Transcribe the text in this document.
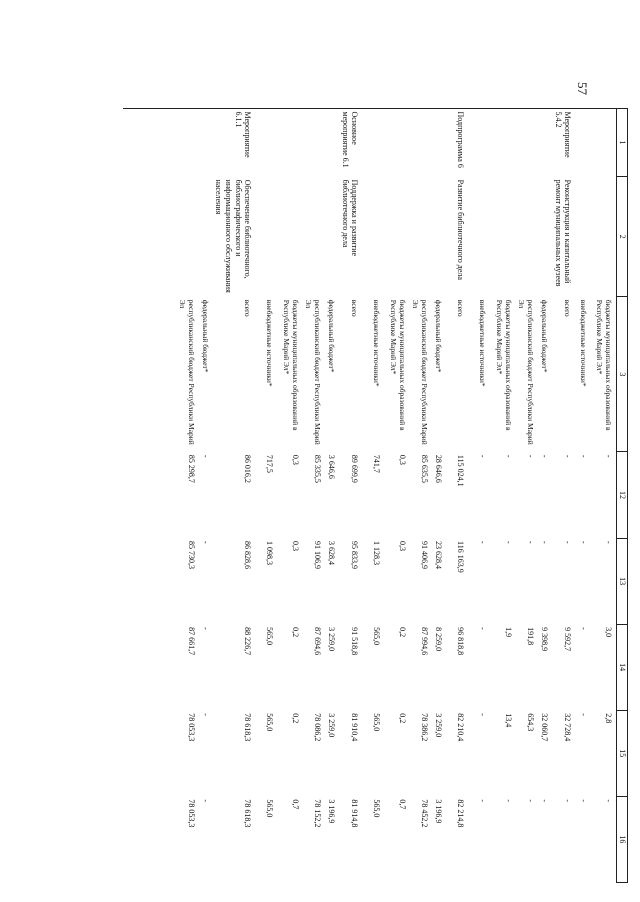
57
1	2	3	12	13	14	15	16
		бюджеты муниципальных образований в Республике Марий Эл*	-	-	3,0	2,8	-
		внебюджетные источники*	-	-	-	-	-
Мероприятие 5.4.2	Реконструкция и капитальный ремонт муниципальных музеев	всего	-	-	9 592,7	32 728,4	-
		федеральный бюджет*	-	-	9 398,9	32 060,7	-
		республиканский бюджет Республики Марий Эл	-	-	191,8	654,3	-
		бюджеты муниципальных образований в Республике Марий Эл*	-	-	1,9	13,4	-
		внебюджетные источники*	-	-	-	-	-
Подпрограмма 6	Развитие библиотечного дела	всего	115 024,1	116 163,9	96 818,8	82 210,4	82 214,8
		федеральный бюджет*	28 646,6	23 628,4	8 259,0	3 259,0	3 196,9
		республиканский бюджет Республики Марий Эл	85 635,5	91 406,9	87 994,6	78 386,2	78 452,2
		бюджеты муниципальных образований в Республике Марий Эл*	0,3	0,3	0,2	0,2	0,7
		внебюджетные источники*	741,7	1 128,3	565,0	565,0	565,0
Основное мероприятие 6.1	Поддержка и развитие библиотечного дела	всего	89 699,9	95 833,9	91 518,8	81 910,4	81 914,8
		федеральный бюджет*	3 646,6	3 628,4	3 259,0	3 259,0	3 196,9
		республиканский бюджет Республики Марий Эл	85 335,5	91 106,9	87 694,6	78 086,2	78 152,2
		бюджеты муниципальных образований в Республике Марий Эл*	0,3	0,3	0,2	0,2	0,7
		внебюджетные источники*	717,5	1 098,3	565,0	565,0	565,0
Мероприятие 6.1.1	Обеспечение библиотечного, библиографического и информационного обслуживания населения	всего	86 016,2	86 828,6	88 226,7	78 618,3	78 618,3
		федеральный бюджет*	-	-	-	-	-
		республиканский бюджет Республики Марий Эл	85 298,7	85 730,3	87 661,7	78 053,3	78 053,3
